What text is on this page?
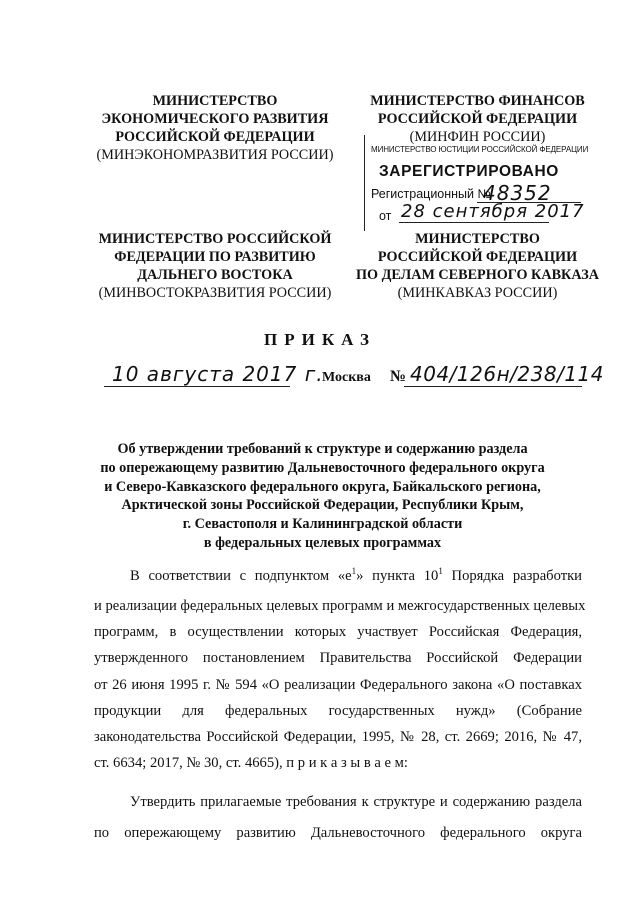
МИНИСТЕРСТВО
ЭКОНОМИЧЕСКОГО РАЗВИТИЯ
РОССИЙСКОЙ ФЕДЕРАЦИИ
(МИНЭКОНОМРАЗВИТИЯ РОССИИ)
МИНИСТЕРСТВО ФИНАНСОВ
РОССИЙСКОЙ ФЕДЕРАЦИИ
(МИНФИН РОССИИ)
МИНИСТЕРСТВО ЮСТИЦИИ РОССИЙСКОЙ ФЕДЕРАЦИИ
ЗАРЕГИСТРИРОВАНО
Регистрационный №
48352
от 28 сентября 2017
МИНИСТЕРСТВО РОССИЙСКОЙ
ФЕДЕРАЦИИ ПО РАЗВИТИЮ
ДАЛЬНЕГО ВОСТОКА
(МИНВОСТОКРАЗВИТИЯ РОССИИ)
МИНИСТЕРСТВО
РОССИЙСКОЙ ФЕДЕРАЦИИ
ПО ДЕЛАМ СЕВЕРНОГО КАВКАЗА
(МИНКАВКАЗ РОССИИ)
ПРИКАЗ
10 августа 2017 г.
Москва № 404/126н/238/114
Об утверждении требований к структуре и содержанию раздела
по опережающему развитию Дальневосточного федерального округа
и Северо-Кавказского федерального округа, Байкальского региона,
Арктической зоны Российской Федерации, Республики Крым,
г. Севастополя и Калининградской области
в федеральных целевых программах
В соответствии с подпунктом «$е^1$» пункта $10^1$ Порядка разработки
и реализации федеральных целевых программ и межгосударственных целевых
программ, в осуществлении которых участвует Российская Федерация,
утвержденного постановлением Правительства Российской Федерации
от 26 июня 1995 г. № 594 «О реализации Федерального закона «О поставках
продукции для федеральных государственных нужд» (Собрание
законодательства Российской Федерации, 1995, № 28, ст. 2669; 2016, № 47,
ст. 6634; 2017, № 30, ст. 4665), п р и к а з ы в а е м:
Утвердить прилагаемые требования к структуре и содержанию раздела
по опережающему развитию Дальневосточного федерального округа
